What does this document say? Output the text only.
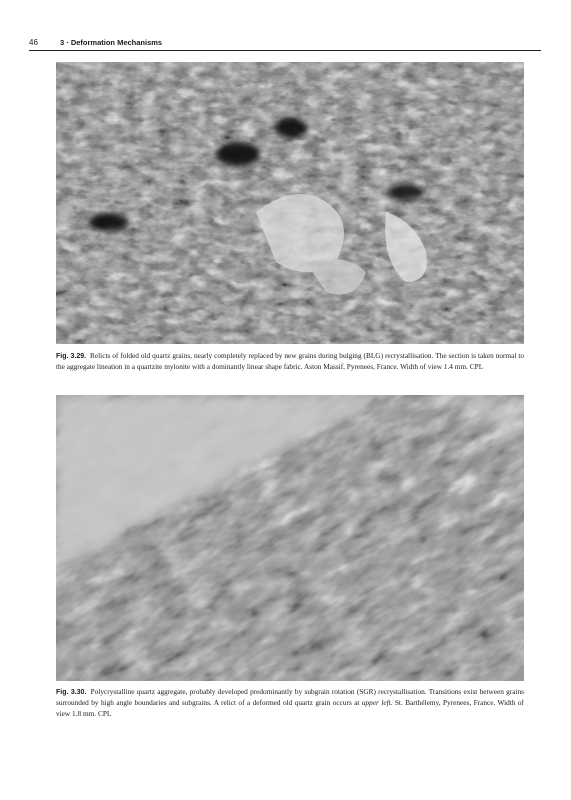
46	3 · Deformation Mechanisms
Fig. 3.29. Relicts of folded old quartz grains, nearly completely replaced by new grains during bulging (BLG) recrystallisation. The section is taken normal to the aggregate lineation in a quartzite mylonite with a dominantly linear shape fabric. Aston Massif, Pyrenees, France. Width of view 1.4 mm. CPL
Fig. 3.30. Polycrystalline quartz aggregate, probably developed predominantly by subgrain rotation (SGR) recrystallisation. Transitions exist between grains surrounded by high angle boundaries and subgrains. A relict of a deformed old quartz grain occurs at upper left. St. Barthélemy, Pyrenees, France. Width of view 1.8 mm. CPL
